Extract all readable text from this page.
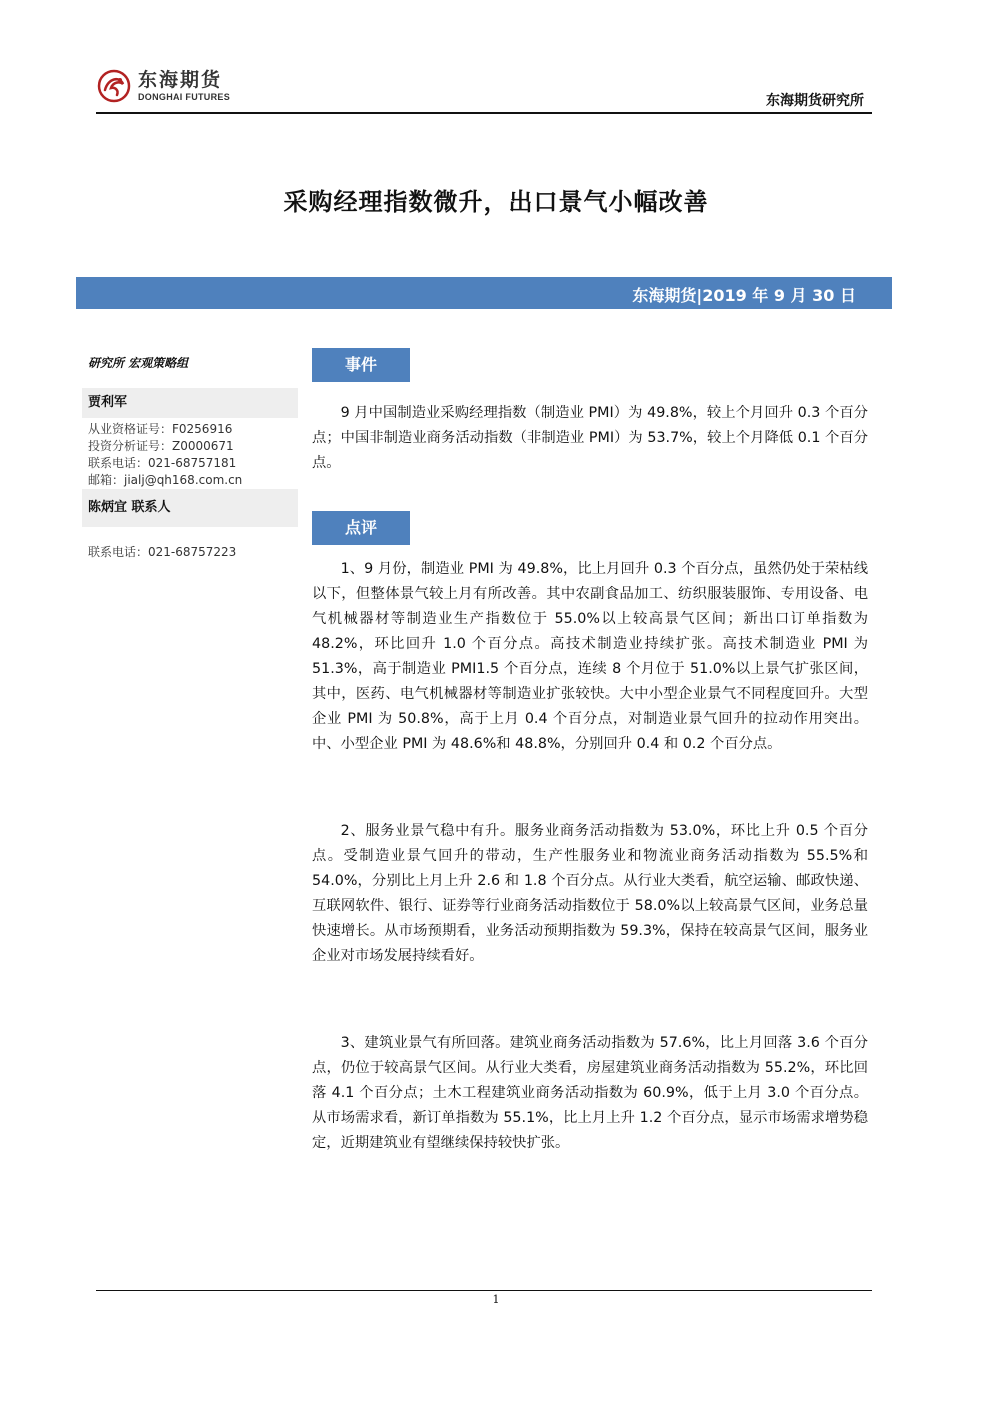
东海期货
DONGHAI FUTURES	东海期货研究所
采购经理指数微升，出口景气小幅改善
东海期货|2019 年 9 月 30 日
研究所 宏观策略组
贾利军
从业资格证号：F0256916
投资分析证号：Z0000671
联系电话：021-68757181
邮箱：jialj@qh168.com.cn
陈炳宜 联系人
联系电话：021-68757223
事件

9 月中国制造业采购经理指数（制造业 PMI）为 49.8%，较上个月回升 0.3 个百分点；中国非制造业商务活动指数（非制造业 PMI）为 53.7%，较上个月降低 0.1 个百分点。

点评

1、9 月份，制造业 PMI 为 49.8%，比上月回升 0.3 个百分点，虽然仍处于荣枯线以下，但整体景气较上月有所改善。其中农副食品加工、纺织服装服饰、专用设备、电气机械器材等制造业生产指数位于 55.0%以上较高景气区间；新出口订单指数为 48.2%，环比回升 1.0 个百分点。高技术制造业持续扩张。高技术制造业 PMI 为 51.3%，高于制造业 PMI1.5 个百分点，连续 8 个月位于 51.0%以上景气扩张区间，其中，医药、电气机械器材等制造业扩张较快。大中小型企业景气不同程度回升。大型企业 PMI 为 50.8%，高于上月 0.4 个百分点，对制造业景气回升的拉动作用突出。中、小型企业 PMI 为 48.6%和 48.8%，分别回升 0.4 和 0.2 个百分点。

2、服务业景气稳中有升。服务业商务活动指数为 53.0%，环比上升 0.5 个百分点。受制造业景气回升的带动，生产性服务业和物流业商务活动指数为 55.5%和 54.0%，分别比上月上升 2.6 和 1.8 个百分点。从行业大类看，航空运输、邮政快递、互联网软件、银行、证券等行业商务活动指数位于 58.0%以上较高景气区间，业务总量快速增长。从市场预期看，业务活动预期指数为 59.3%，保持在较高景气区间，服务业企业对市场发展持续看好。

3、建筑业景气有所回落。建筑业商务活动指数为 57.6%，比上月回落 3.6 个百分点，仍位于较高景气区间。从行业大类看，房屋建筑业商务活动指数为 55.2%，环比回落 4.1 个百分点；土木工程建筑业商务活动指数为 60.9%，低于上月 3.0 个百分点。从市场需求看，新订单指数为 55.1%，比上月上升 1.2 个百分点，显示市场需求增势稳定，近期建筑业有望继续保持较快扩张。

1
